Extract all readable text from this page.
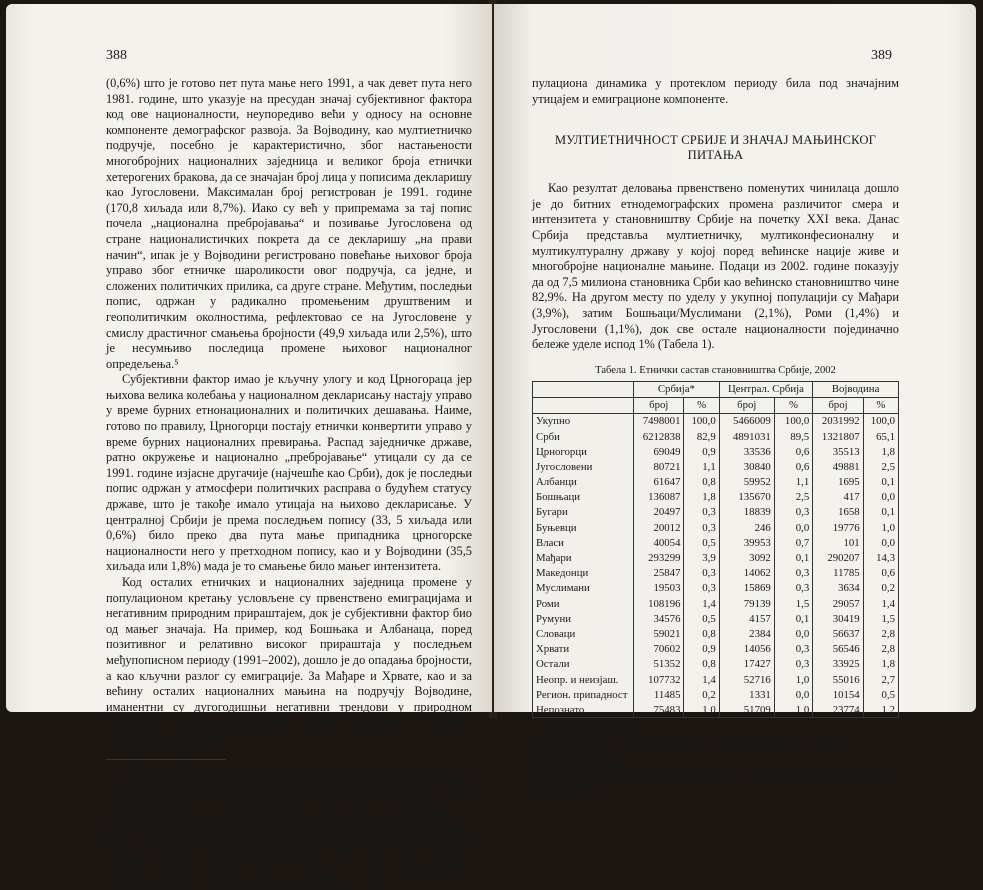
388

(0,6%) што је готово пет пута мање него 1991, а чак девет пута него 1981. године, што указује на пресудан значај субјективног фактора код ове националности, неупоредиво већи у односу на основне компоненте демографског развоја. За Војводину, као мултиетничко подручје, посебно је карактеристично, због настањености многобројних националних заједница и великог броја етнички хетерогених бракова, да се значајан број лица у пописима декларишу као Југословени. Максималан број регистрован је 1991. године (170,8 хиљада или 8,7%). Иако су већ у припремама за тај попис почела „национална пребројавања“ и позивање Југословена од стране националистичких покрета да се декларишу „на прави начин“, ипак је у Војводини регистровано повећање њиховог броја управо због етничке шароликости овог подручја, са једне, и сложених политичких прилика, са друге стране. Међутим, последњи попис, одржан у радикално промењеним друштвеним и геополитичким околностима, рефлектовао се на Југословене у смислу драстичног смањења бројности (49,9 хиљада или 2,5%), што је несумњиво последица промене њиховог националног опредељења.⁵

Субјективни фактор имао је кључну улогу и код Црногораца јер њихова велика колебања у националном декларисању настају управо у време бурних етнонационалних и политичких дешавања. Наиме, готово по правилу, Црногорци постају етнички конвертити управо у време бурних националних превирања. Распад заједничке државе, ратно окружење и национално „пребројавање“ утицали су да се 1991. године изјасне другачије (најчешће као Срби), док је последњи попис одржан у атмосфери политичких расправа о будућем статусу државе, што је такође имало утицаја на њихово декларисање. У централној Србији је према последњем попису (33, 5 хиљада или 0,6%) било преко два пута мање припадника црногорске националности него у претходном попису, као и у Војводини (35,5 хиљада или 1,8%) мада је то смањење било мањег интензитета.

Код осталих етничких и националних заједница промене у популационом кретању условљене су првенствено емиграцијама и негативним природним прираштајем, док је субјективни фактор био од мањег значаја. На пример, код Бошњака и Албанаца, поред позитивног и релативно високог прираштаја у последњем међупописном периоду (1991–2002), дошло је до опадања бројности, а као кључни разлог су емиграције. За Мађаре и Хрвате, као и за већину осталих националних мањина на подручју Војводине, иманентни су дугогодишњи негативни трендови у природном обнављању становништва услед ниског наталитета и високог морталитета, али је по-

⁵ „У перцепцији националиста управо су Југословени фиксирани као група ʼоднарођенихʼ чланова властите етничке групе која нацију подрива изнутра, демографски је крњи, а културно слаби и лишава политичког утицаја. У току припремних радњи за спровођење пописа 2002. године, о Југословенима се говорило као о измишљотини и преварама, а националисти су их позивали да се врате у окриље ʼматичне нацијеʼ. На то их је, осим националистичких разлога, терао и закон о мањинама који је остваривање колективних права условљавао одређеним цензусом. Ишчезавање Југословена није, стога, само индикатор измењене етничке структуре, него и успона и победе шовинистичких (етно)националиста“ (Хелсиншки одбор за људска права, 2004).

389

пулациона динамика у протеклом периоду била под значајним утицајем и емиграционе компоненте.

МУЛТИЕТНИЧНОСТ СРБИЈЕ И ЗНАЧАЈ МАЊИНСКОГ ПИТАЊА

Као резултат деловања првенствено поменутих чинилаца дошло је до битних етнодемографских промена различитог смера и интензитета у становништву Србије на почетку XXI века. Данас Србија представља мултиетничку, мултиконфесионалну и мултикултуралну државу у којој поред већинске нације живе и многобројне националне мањине. Подаци из 2002. године показују да од 7,5 милиона становника Срби као већинско становништво чине 82,9%. На другом месту по уделу у укупној популацији су Мађари (3,9%), затим Бошњаци/Муслимани (2,1%), Роми (1,4%) и Југословени (1,1%), док све остале националности појединачно бележе уделе испод 1% (Табела 1).

Табела 1. Етнички састав становништва Србије, 2002
	Србија*		Централ. Србија		Војводина	
	број	%	број	%	број	%
Укупно	7498001	100,0	5466009	100,0	2031992	100,0
Срби	6212838	82,9	4891031	89,5	1321807	65,1
Црногорци	69049	0,9	33536	0,6	35513	1,8
Југословени	80721	1,1	30840	0,6	49881	2,5
Албанци	61647	0,8	59952	1,1	1695	0,1
Бошњаци	136087	1,8	135670	2,5	417	0,0
Бугари	20497	0,3	18839	0,3	1658	0,1
Буњевци	20012	0,3	246	0,0	19776	1,0
Власи	40054	0,5	39953	0,7	101	0,0
Мађари	293299	3,9	3092	0,1	290207	14,3
Македонци	25847	0,3	14062	0,3	11785	0,6
Муслимани	19503	0,3	15869	0,3	3634	0,2
Роми	108196	1,4	79139	1,5	29057	1,4
Румуни	34576	0,5	4157	0,1	30419	1,5
Словаци	59021	0,8	2384	0,0	56637	2,8
Хрвати	70602	0,9	14056	0,3	56546	2,8
Остали	51352	0,8	17427	0,3	33925	1,8
Неопр. и неизјаш.	107732	1,4	52716	1,0	55016	2,7
Регион. припадност	11485	0,2	1331	0,0	10154	0,5
Непознато	75483	1,0	51709	1,0	23774	1,2

* без Косова и Метохије

Напомена: Дате су све националности са уделом преко 0,3% у укупном становништву Србије.

Извор: Попис становништва, домаћинстава и станова у 2002, Становништво-национална или етничка припадност, Књига 1, Републички завод за статистику, Београд, 2003.
